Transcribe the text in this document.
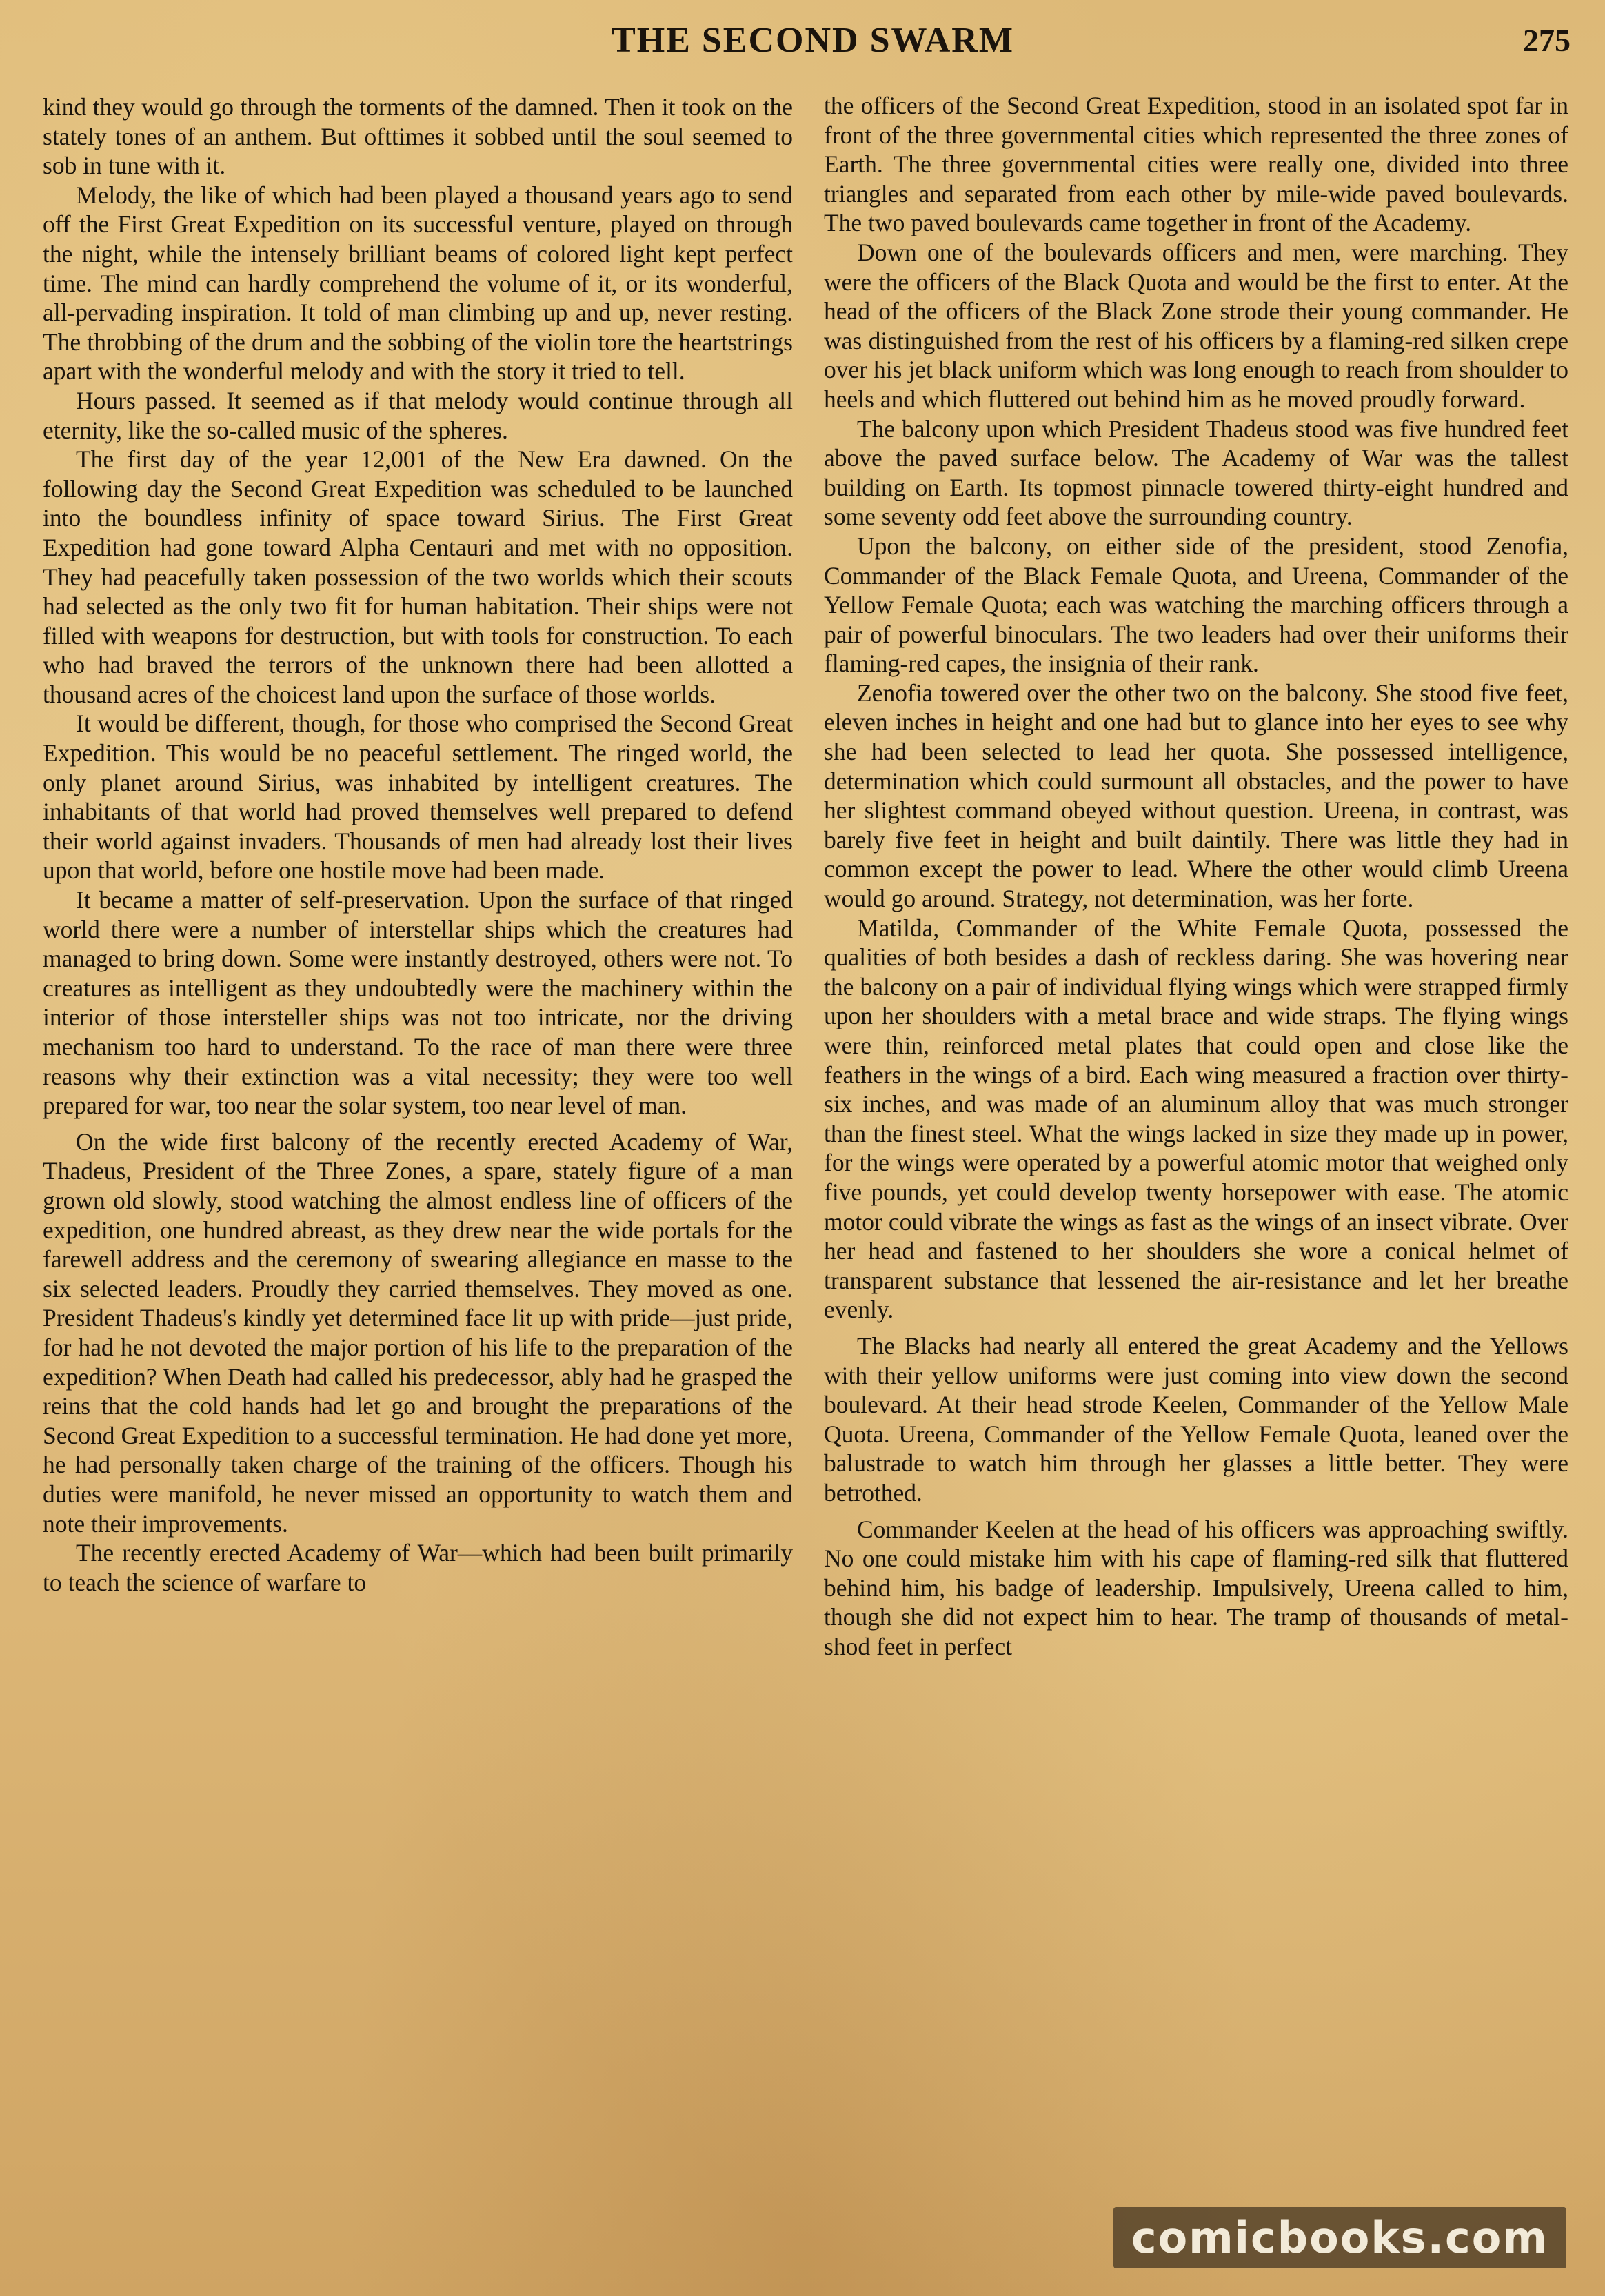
THE SECOND SWARM	275

kind they would go through the torments of the damned. Then it took on the stately tones of an anthem. But ofttimes it sobbed until the soul seemed to sob in tune with it.

Melody, the like of which had been played a thousand years ago to send off the First Great Expedition on its successful venture, played on through the night, while the intensely brilliant beams of colored light kept perfect time. The mind can hardly comprehend the volume of it, or its wonderful, all-pervading inspiration. It told of man climbing up and up, never resting. The throbbing of the drum and the sobbing of the violin tore the heartstrings apart with the wonderful melody and with the story it tried to tell.

Hours passed. It seemed as if that melody would continue through all eternity, like the so-called music of the spheres.

The first day of the year 12,001 of the New Era dawned. On the following day the Second Great Expedition was scheduled to be launched into the boundless infinity of space toward Sirius. The First Great Expedition had gone toward Alpha Centauri and met with no opposition. They had peacefully taken possession of the two worlds which their scouts had selected as the only two fit for human habitation. Their ships were not filled with weapons for destruction, but with tools for construction. To each who had braved the terrors of the unknown there had been allotted a thousand acres of the choicest land upon the surface of those worlds.

It would be different, though, for those who comprised the Second Great Expedition. This would be no peaceful settlement. The ringed world, the only planet around Sirius, was inhabited by intelligent creatures. The inhabitants of that world had proved themselves well prepared to defend their world against invaders. Thousands of men had already lost their lives upon that world, before one hostile move had been made.

It became a matter of self-preservation. Upon the surface of that ringed world there were a number of interstellar ships which the creatures had managed to bring down. Some were instantly destroyed, others were not. To creatures as intelligent as they undoubtedly were the machinery within the interior of those intersteller ships was not too intricate, nor the driving mechanism too hard to understand. To the race of man there were three reasons why their extinction was a vital necessity; they were too well prepared for war, too near the solar system, too near level of man.

On the wide first balcony of the recently erected Academy of War, Thadeus, President of the Three Zones, a spare, stately figure of a man grown old slowly, stood watching the almost endless line of officers of the expedition, one hundred abreast, as they drew near the wide portals for the farewell address and the ceremony of swearing allegiance en masse to the six selected leaders. Proudly they carried themselves. They moved as one. President Thadeus's kindly yet determined face lit up with pride—just pride, for had he not devoted the major portion of his life to the preparation of the expedition? When Death had called his predecessor, ably had he grasped the reins that the cold hands had let go and brought the preparations of the Second Great Expedition to a successful termination. He had done yet more, he had personally taken charge of the training of the officers. Though his duties were manifold, he never missed an opportunity to watch them and note their improvements.

The recently erected Academy of War—which had been built primarily to teach the science of warfare to

the officers of the Second Great Expedition, stood in an isolated spot far in front of the three governmental cities which represented the three zones of Earth. The three governmental cities were really one, divided into three triangles and separated from each other by mile-wide paved boulevards. The two paved boulevards came together in front of the Academy.

Down one of the boulevards officers and men, were marching. They were the officers of the Black Quota and would be the first to enter. At the head of the officers of the Black Zone strode their young commander. He was distinguished from the rest of his officers by a flaming-red silken crepe over his jet black uniform which was long enough to reach from shoulder to heels and which fluttered out behind him as he moved proudly forward.

The balcony upon which President Thadeus stood was five hundred feet above the paved surface below. The Academy of War was the tallest building on Earth. Its topmost pinnacle towered thirty-eight hundred and some seventy odd feet above the surrounding country.

Upon the balcony, on either side of the president, stood Zenofia, Commander of the Black Female Quota, and Ureena, Commander of the Yellow Female Quota; each was watching the marching officers through a pair of powerful binoculars. The two leaders had over their uniforms their flaming-red capes, the insignia of their rank.

Zenofia towered over the other two on the balcony. She stood five feet, eleven inches in height and one had but to glance into her eyes to see why she had been selected to lead her quota. She possessed intelligence, determination which could surmount all obstacles, and the power to have her slightest command obeyed without question. Ureena, in contrast, was barely five feet in height and built daintily. There was little they had in common except the power to lead. Where the other would climb Ureena would go around. Strategy, not determination, was her forte.

Matilda, Commander of the White Female Quota, possessed the qualities of both besides a dash of reckless daring. She was hovering near the balcony on a pair of individual flying wings which were strapped firmly upon her shoulders with a metal brace and wide straps. The flying wings were thin, reinforced metal plates that could open and close like the feathers in the wings of a bird. Each wing measured a fraction over thirty-six inches, and was made of an aluminum alloy that was much stronger than the finest steel. What the wings lacked in size they made up in power, for the wings were operated by a powerful atomic motor that weighed only five pounds, yet could develop twenty horsepower with ease. The atomic motor could vibrate the wings as fast as the wings of an insect vibrate. Over her head and fastened to her shoulders she wore a conical helmet of transparent substance that lessened the air-resistance and let her breathe evenly.

The Blacks had nearly all entered the great Academy and the Yellows with their yellow uniforms were just coming into view down the second boulevard. At their head strode Keelen, Commander of the Yellow Male Quota. Ureena, Commander of the Yellow Female Quota, leaned over the balustrade to watch him through her glasses a little better. They were betrothed.

Commander Keelen at the head of his officers was approaching swiftly. No one could mistake him with his cape of flaming-red silk that fluttered behind him, his badge of leadership. Impulsively, Ureena called to him, though she did not expect him to hear. The tramp of thousands of metal-shod feet in perfect

comicbooks.com
